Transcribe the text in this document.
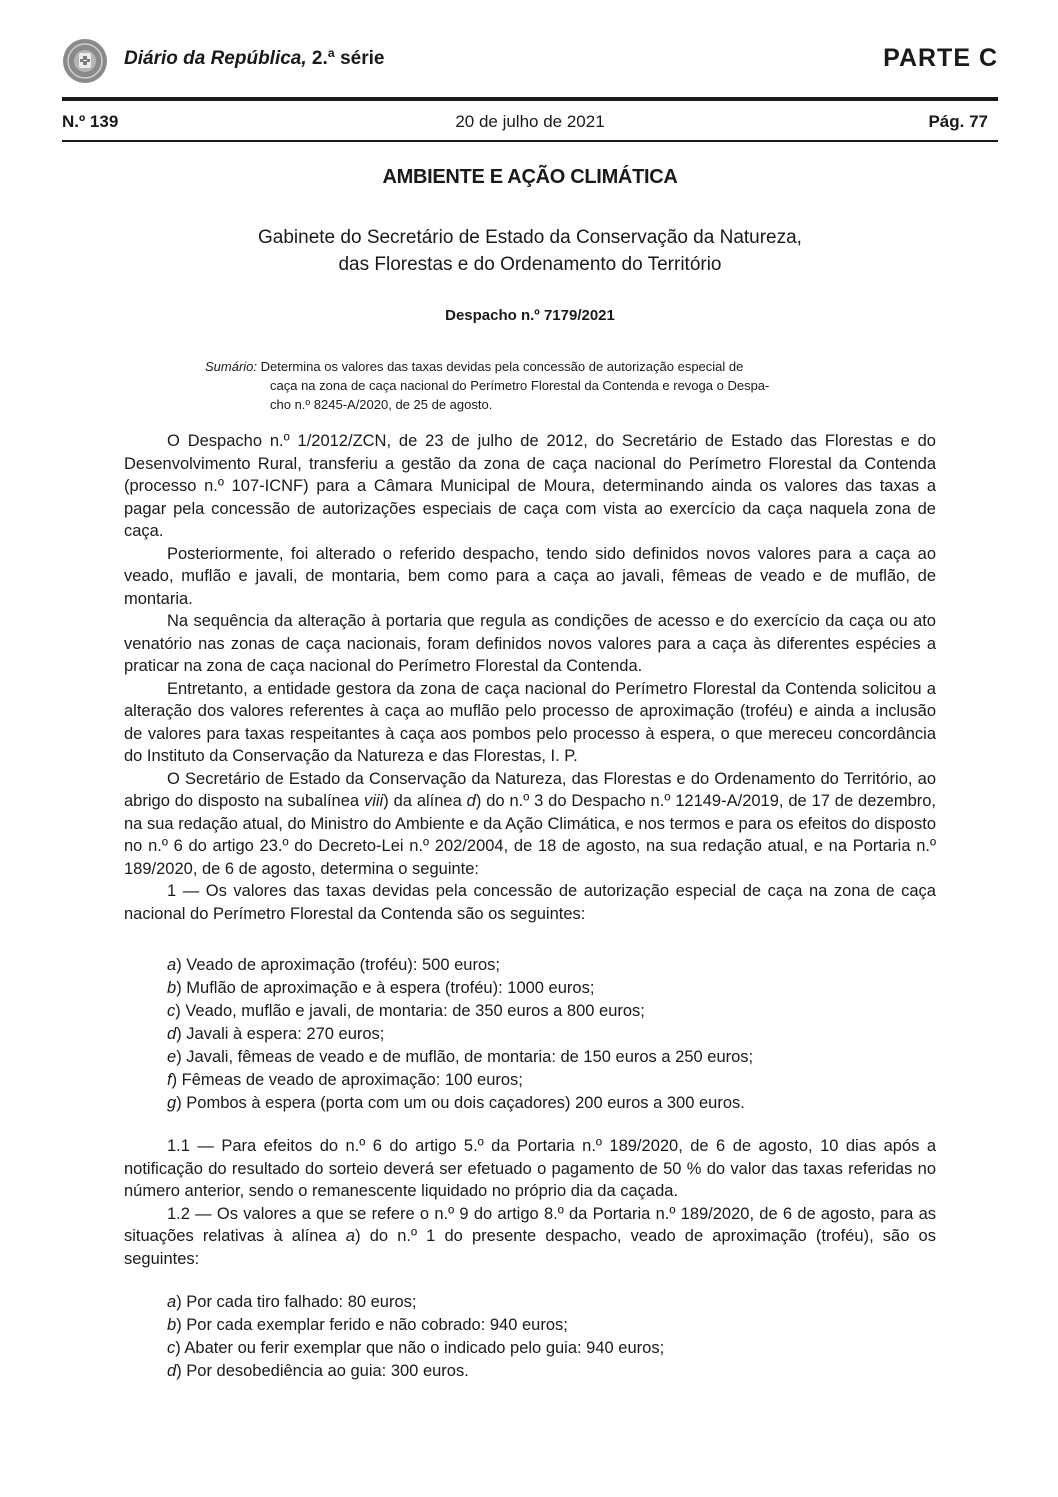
Diário da República, 2.ª série	PARTE C
N.º 139	20 de julho de 2021	Pág. 77
AMBIENTE E AÇÃO CLIMÁTICA
Gabinete do Secretário de Estado da Conservação da Natureza,
das Florestas e do Ordenamento do Território
Despacho n.º 7179/2021
Sumário: Determina os valores das taxas devidas pela concessão de autorização especial de
caça na zona de caça nacional do Perímetro Florestal da Contenda e revoga o Despa-
cho n.º 8245-A/2020, de 25 de agosto.

O Despacho n.º 1/2012/ZCN, de 23 de julho de 2012, do Secretário de Estado das Florestas e do Desenvolvimento Rural, transferiu a gestão da zona de caça nacional do Perímetro Florestal da Contenda (processo n.º 107-ICNF) para a Câmara Municipal de Moura, determinando ainda os valores das taxas a pagar pela concessão de autorizações especiais de caça com vista ao exercício da caça naquela zona de caça.

Posteriormente, foi alterado o referido despacho, tendo sido definidos novos valores para a caça ao veado, muflão e javali, de montaria, bem como para a caça ao javali, fêmeas de veado e de muflão, de montaria.

Na sequência da alteração à portaria que regula as condições de acesso e do exercício da caça ou ato venatório nas zonas de caça nacionais, foram definidos novos valores para a caça às diferentes espécies a praticar na zona de caça nacional do Perímetro Florestal da Contenda.

Entretanto, a entidade gestora da zona de caça nacional do Perímetro Florestal da Contenda solicitou a alteração dos valores referentes à caça ao muflão pelo processo de aproximação (troféu) e ainda a inclusão de valores para taxas respeitantes à caça aos pombos pelo processo à espera, o que mereceu concordância do Instituto da Conservação da Natureza e das Florestas, I. P.

O Secretário de Estado da Conservação da Natureza, das Florestas e do Ordenamento do Território, ao abrigo do disposto na subalínea viii) da alínea d) do n.º 3 do Despacho n.º 12149-A/2019, de 17 de dezembro, na sua redação atual, do Ministro do Ambiente e da Ação Climática, e nos termos e para os efeitos do disposto no n.º 6 do artigo 23.º do Decreto-Lei n.º 202/2004, de 18 de agosto, na sua redação atual, e na Portaria n.º 189/2020, de 6 de agosto, determina o seguinte:

1 — Os valores das taxas devidas pela concessão de autorização especial de caça na zona de caça nacional do Perímetro Florestal da Contenda são os seguintes:

a) Veado de aproximação (troféu): 500 euros;
b) Muflão de aproximação e à espera (troféu): 1000 euros;
c) Veado, muflão e javali, de montaria: de 350 euros a 800 euros;
d) Javali à espera: 270 euros;
e) Javali, fêmeas de veado e de muflão, de montaria: de 150 euros a 250 euros;
f) Fêmeas de veado de aproximação: 100 euros;
g) Pombos à espera (porta com um ou dois caçadores) 200 euros a 300 euros.

1.1 — Para efeitos do n.º 6 do artigo 5.º da Portaria n.º 189/2020, de 6 de agosto, 10 dias após a notificação do resultado do sorteio deverá ser efetuado o pagamento de 50 % do valor das taxas referidas no número anterior, sendo o remanescente liquidado no próprio dia da caçada.

1.2 — Os valores a que se refere o n.º 9 do artigo 8.º da Portaria n.º 189/2020, de 6 de agosto, para as situações relativas à alínea a) do n.º 1 do presente despacho, veado de aproximação (troféu), são os seguintes:

a) Por cada tiro falhado: 80 euros;
b) Por cada exemplar ferido e não cobrado: 940 euros;
c) Abater ou ferir exemplar que não o indicado pelo guia: 940 euros;
d) Por desobediência ao guia: 300 euros.
